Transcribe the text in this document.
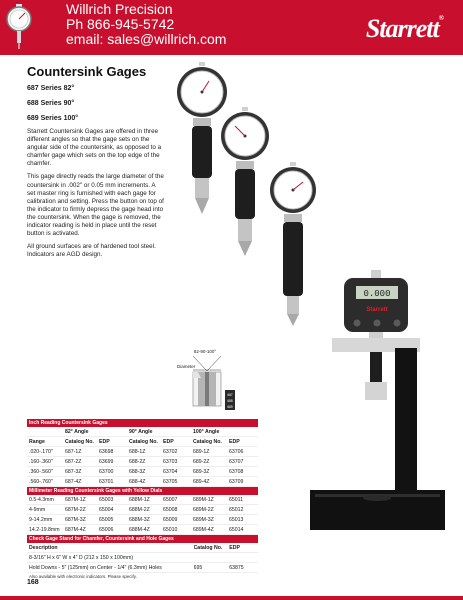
Willrich Precision
Ph 866-945-5742
email: sales@willrich.com	Starrett®
Countersink Gages
687 Series 82°
688 Series 90°
689 Series 100°

Starrett Countersink Gages are offered in three different angles so that the gage sets on the angular side of the countersink, as opposed to a chamfer gage which sets on the top edge of the chamfer.

This gage directly reads the large diameter of the countersink in .002" or 0.05 mm increments. A set master ring is furnished with each gage for calibration and setting. Press the button on top of the indicator to firmly depress the gage head into the countersink. When the gage is removed, the indicator reading is held in place until the reset button is activated.

All ground surfaces are of hardened tool steel. Indicators are AGD design.

0.000
Starrett
82-90-100°
Diameter
687
688
689
Inch Reading Countersink Gages
82° Angle	90° Angle	100° Angle
Range	Catalog No. EDP	Catalog No. EDP	Catalog No.	EDP
.020-.170"	687-1Z	63698	688-1Z	63702	689-1Z	63706
.160-.360"	687-2Z	63699	688-2Z	63703	689-2Z	63707
.360-.560"	687-3Z	63700	688-3Z	63704	689-3Z	63708
.560-.760"	687-4Z	63701	688-4Z	63705	689-4Z	63709
Millimeter Reading Countersink Gages with Yellow Dials
0.5-4.3mm	687M-1Z	65003	688M-1Z	65007	689M-1Z	65011
4-9mm	687M-2Z	65004	688M-2Z	65008	689M-2Z	65012
9-14.2mm	687M-3Z	65005	688M-3Z	65009	689M-3Z	65013
14.2-19.8mm	687M-4Z	65006	688M-4Z	65010	689M-4Z	65014
Check Gage Stand for Chamfer, Countersink and Hole Gages
Description	Catalog No.	EDP
8-3/16" H x 6" W x 4" D (212 x 150 x 100mm)
Hold Downs - 5" (125mm) on Center - 1/4" (6.3mm) Holes	695	63875
Also available with electronic indicators. Please specify.
168
